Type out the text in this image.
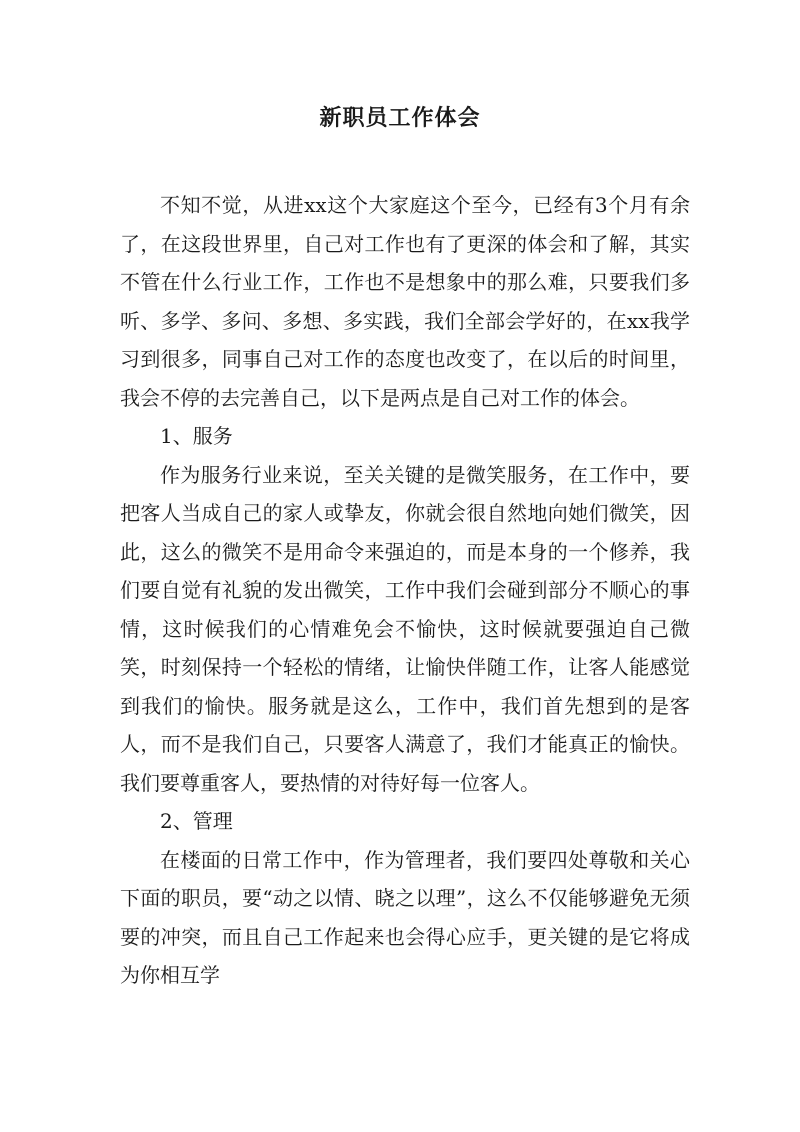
新职员工作体会

不知不觉，从进xx这个大家庭这个至今，已经有3个月有余了，在这段世界里，自己对工作也有了更深的体会和了解，其实不管在什么行业工作，工作也不是想象中的那么难，只要我们多听、多学、多问、多想、多实践，我们全部会学好的，在xx我学习到很多，同事自己对工作的态度也改变了，在以后的时间里，我会不停的去完善自己，以下是两点是自己对工作的体会。

1、服务

作为服务行业来说，至关关键的是微笑服务，在工作中，要把客人当成自己的家人或挚友，你就会很自然地向她们微笑，因此，这么的微笑不是用命令来强迫的，而是本身的一个修养，我们要自觉有礼貌的发出微笑，工作中我们会碰到部分不顺心的事情，这时候我们的心情难免会不愉快，这时候就要强迫自己微笑，时刻保持一个轻松的情绪，让愉快伴随工作，让客人能感觉到我们的愉快。服务就是这么，工作中，我们首先想到的是客人，而不是我们自己，只要客人满意了，我们才能真正的愉快。我们要尊重客人，要热情的对待好每一位客人。

2、管理

在楼面的日常工作中，作为管理者，我们要四处尊敬和关心下面的职员，要“动之以情、晓之以理”，这么不仅能够避免无须要的冲突，而且自己工作起来也会得心应手，更关键的是它将成为你相互学
